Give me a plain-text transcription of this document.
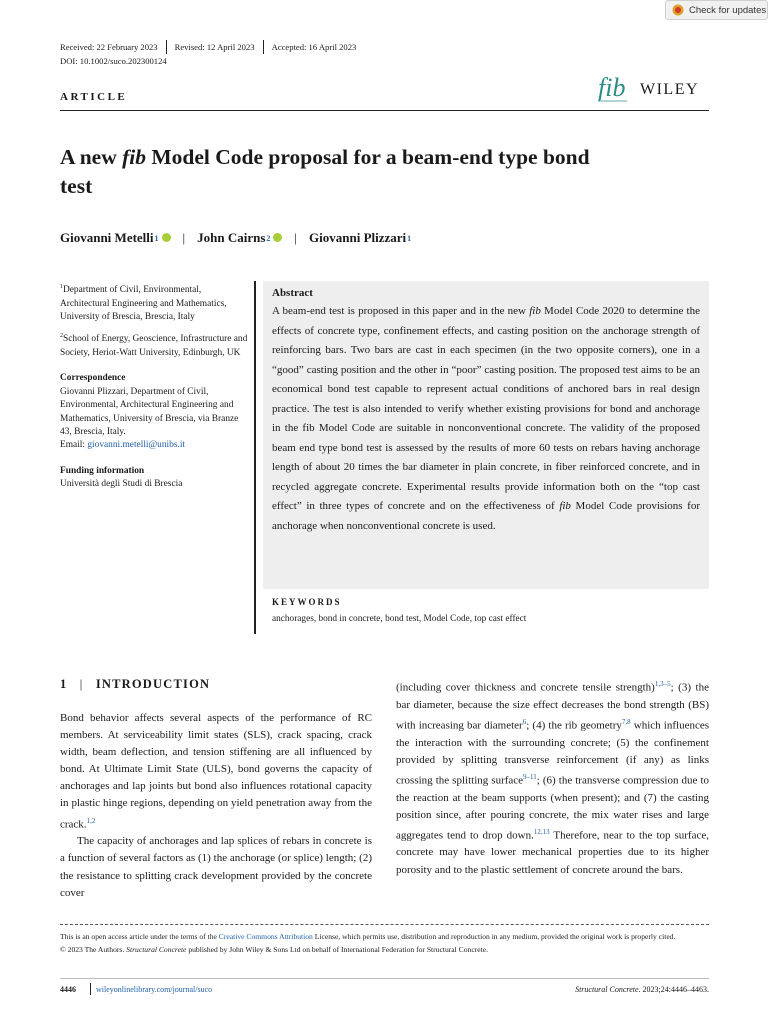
Check for updates
Received: 22 February 2023 Revised: 12 April 2023 Accepted: 16 April 2023
DOI: 10.1002/suco.202300124
ARTICLE	fib WILEY
A new fib Model Code proposal for a beam-end type bond test
Giovanni Metelli 1 | John Cairns 2 | Giovanni Plizzari 1

$^1$Department of Civil, Environmental, Architectural Engineering and Mathematics, University of Brescia, Brescia, Italy

$^2$School of Energy, Geoscience, Infrastructure and Society, Heriot-Watt University, Edinburgh, UK

Correspondence

Giovanni Plizzari, Department of Civil, Environmental, Architectural Engineering and Mathematics, University of Brescia, via Branze 43, Brescia, Italy.
Email: giovanni.metelli@unibs.it

Funding information

Università degli Studi di Brescia

Abstract
A beam-end test is proposed in this paper and in the new fib Model Code 2020 to determine the effects of concrete type, confinement effects, and casting position on the anchorage strength of reinforcing bars. Two bars are cast in each specimen (in the two opposite corners), one in a “good” casting position and the other in “poor” casting position. The proposed test aims to be an economical bond test capable to represent actual conditions of anchored bars in real design practice. The test is also intended to verify whether existing provisions for bond and anchorage in the fib Model Code are suitable in nonconventional concrete. The validity of the proposed beam end type bond test is assessed by the results of more 60 tests on rebars having anchorage length of about 20 times the bar diameter in plain concrete, in fiber reinforced concrete, and in recycled aggregate concrete. Experimental results provide information both on the “top cast effect” in three types of concrete and on the effectiveness of fib Model Code provisions for anchorage when nonconventional concrete is used.
KEYWORDS
anchorages, bond in concrete, bond test, Model Code, top cast effect
1 | INTRODUCTION

Bond behavior affects several aspects of the performance of RC members. At serviceability limit states (SLS), crack spacing, crack width, beam deflection, and tension stiffening are all influenced by bond. At Ultimate Limit State (ULS), bond governs the capacity of anchorages and lap joints but bond also influences rotational capacity in plastic hinge regions, depending on yield penetration away from the crack.$^{1,2}$

The capacity of anchorages and lap splices of rebars in concrete is a function of several factors as (1) the anchorage (or splice) length; (2) the resistance to splitting crack development provided by the concrete cover

(including cover thickness and concrete tensile strength)$^{1,3-5}$; (3) the bar diameter, because the size effect decreases the bond strength (BS) with increasing bar diameter$^6$; (4) the rib geometry$^{7,8}$ which influences the interaction with the surrounding concrete; (5) the confinement provided by splitting transverse reinforcement (if any) as links crossing the splitting surface$^{9-11}$; (6) the transverse compression due to the reaction at the beam supports (when present); and (7) the casting position since, after pouring concrete, the mix water rises and large aggregates tend to drop down.$^{12,13}$ Therefore, near to the top surface, concrete may have lower mechanical properties due to its higher porosity and to the plastic settlement of concrete around the bars.

This is an open access article under the terms of the Creative Commons Attribution License, which permits use, distribution and reproduction in any medium, provided the original work is properly cited.

© 2023 The Authors. Structural Concrete published by John Wiley & Sons Ltd on behalf of International Federation for Structural Concrete.

4446	wileyonlinelibrary.com/journal/suco	Structural Concrete. 2023;24:4446–4463.
